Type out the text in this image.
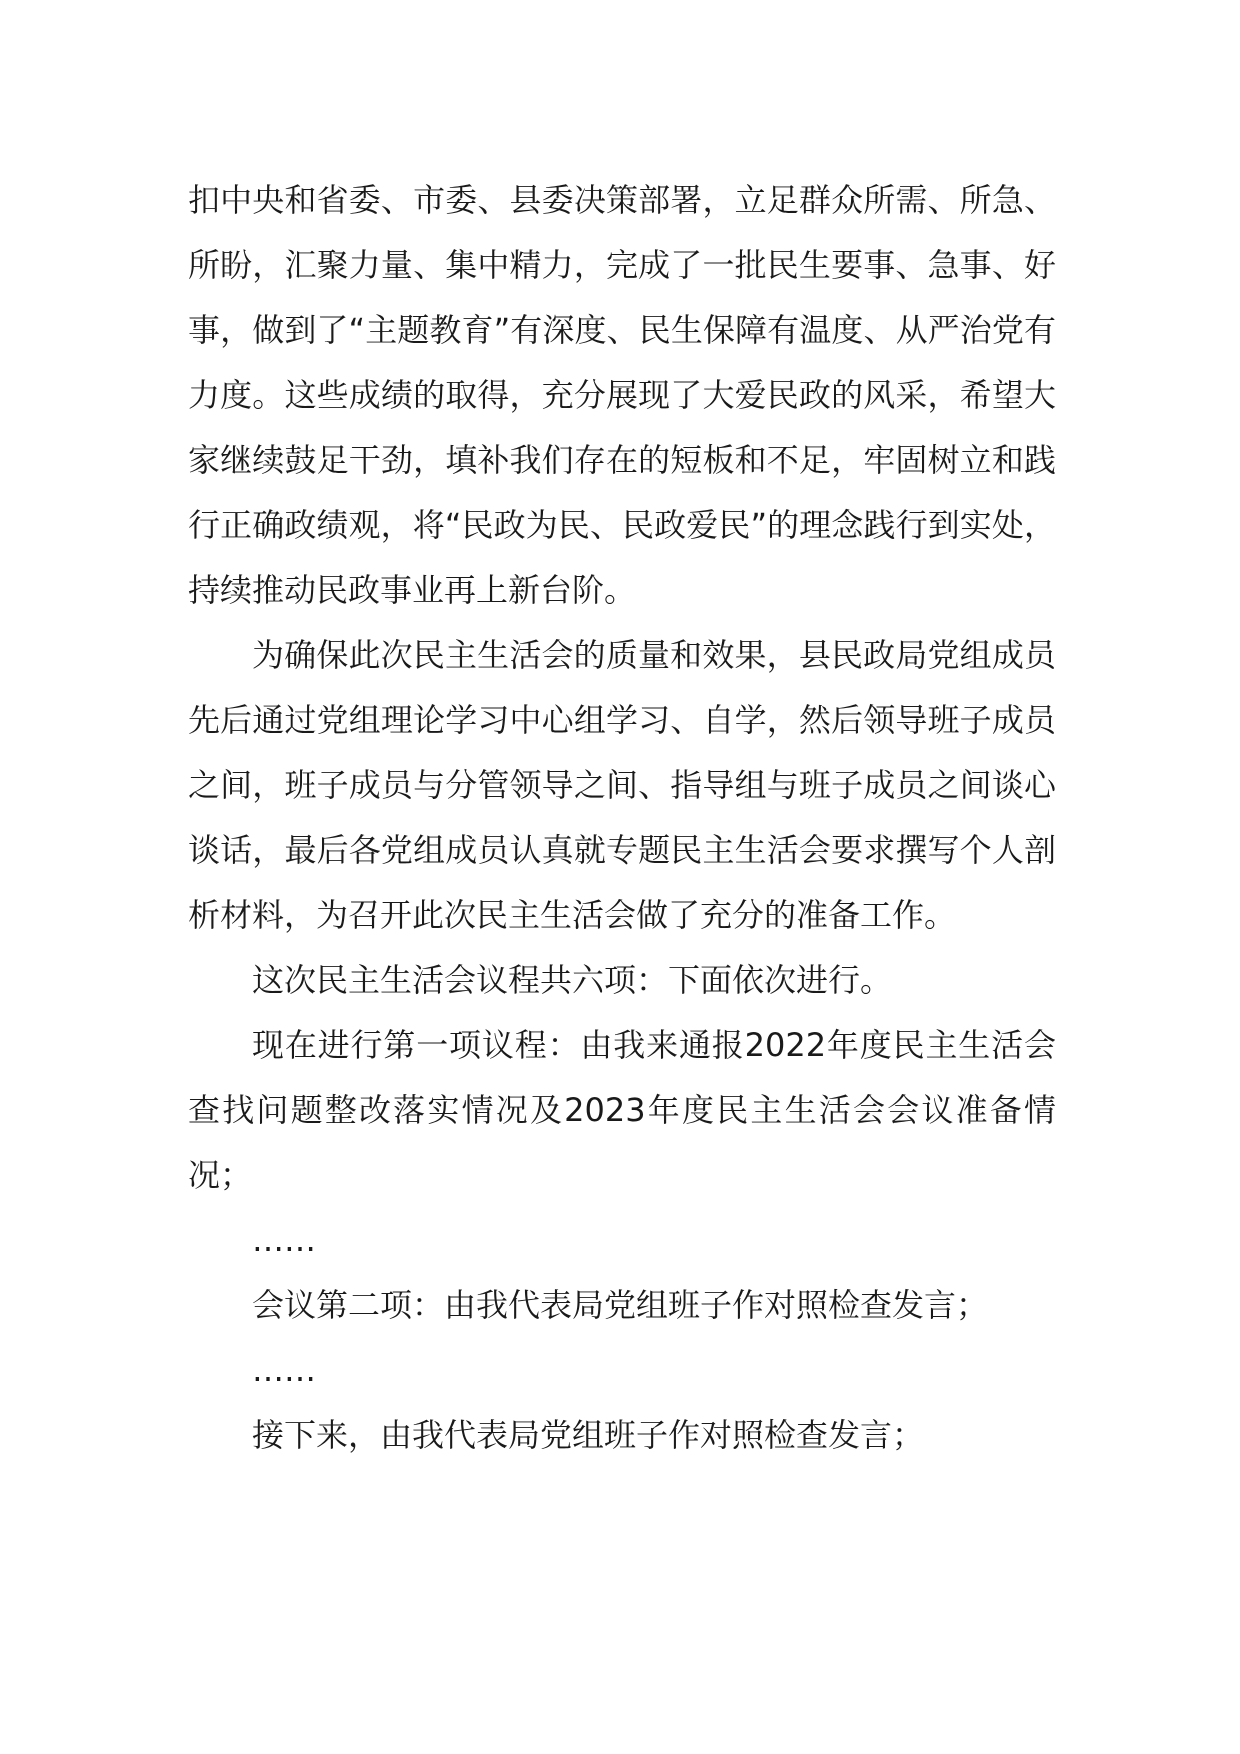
扣中央和省委、市委、县委决策部署，立足群众所需、所急、所盼，汇聚力量、集中精力，完成了一批民生要事、急事、好事，做到了“主题教育”有深度、民生保障有温度、从严治党有力度。这些成绩的取得，充分展现了大爱民政的风采，希望大家继续鼓足干劲，填补我们存在的短板和不足，牢固树立和践行正确政绩观，将“民政为民、民政爱民”的理念践行到实处，持续推动民政事业再上新台阶。

为确保此次民主生活会的质量和效果，县民政局党组成员先后通过党组理论学习中心组学习、自学，然后领导班子成员之间，班子成员与分管领导之间、指导组与班子成员之间谈心谈话，最后各党组成员认真就专题民主生活会要求撰写个人剖析材料，为召开此次民主生活会做了充分的准备工作。

这次民主生活会议程共六项：下面依次进行。

现在进行第一项议程：由我来通报2022年度民主生活会查找问题整改落实情况及2023年度民主生活会会议准备情况；

……

会议第二项：由我代表局党组班子作对照检查发言；

……

接下来，由我代表局党组班子作对照检查发言；
